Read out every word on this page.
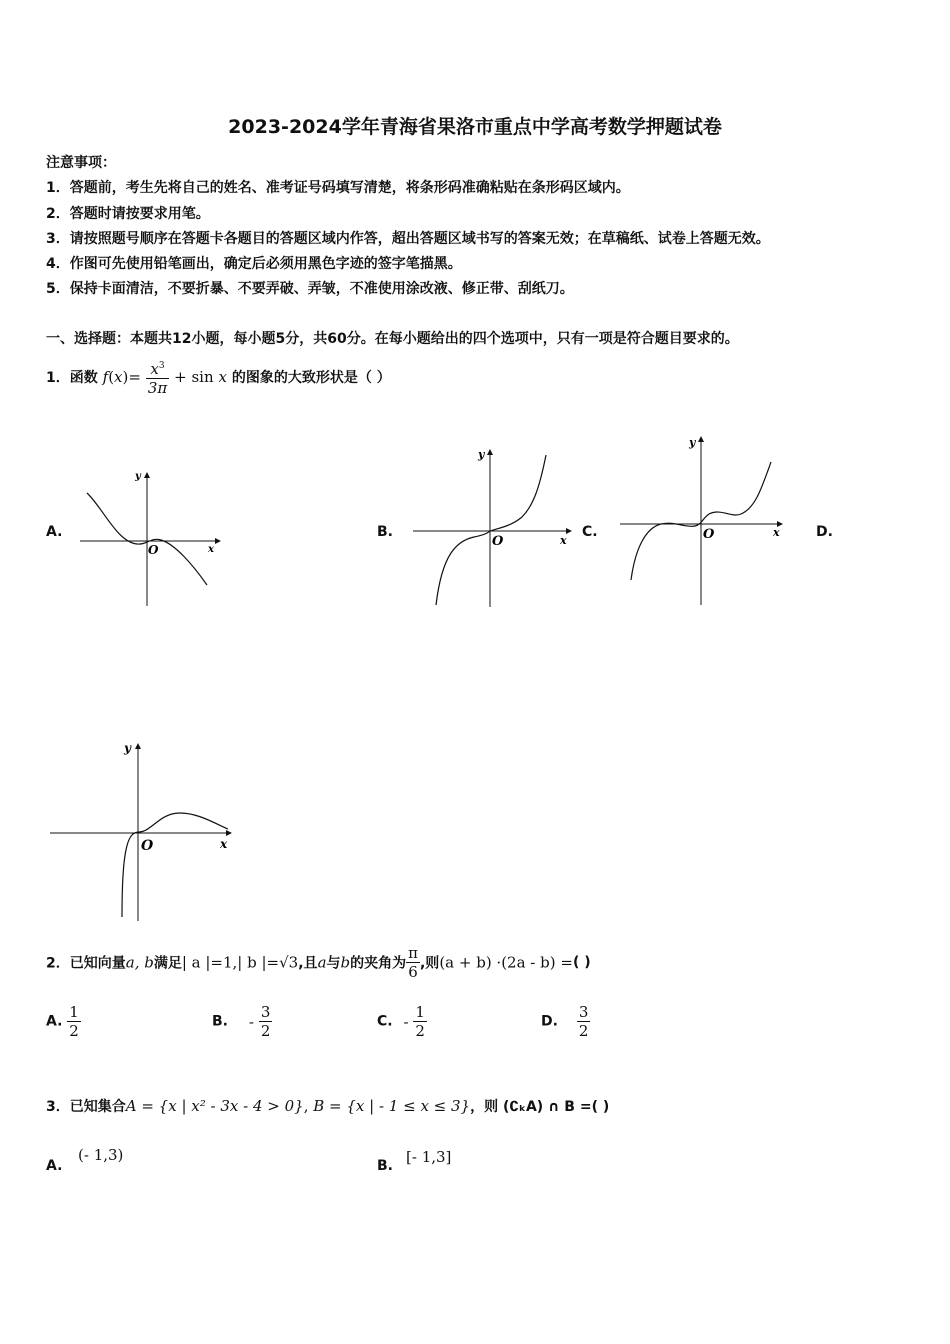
2023-2024学年青海省果洛市重点中学高考数学押题试卷
注意事项：
1．答题前，考生先将自己的姓名、准考证号码填写清楚，将条形码准确粘贴在条形码区域内。
2．答题时请按要求用笔。
3．请按照题号顺序在答题卡各题目的答题区域内作答，超出答题区域书写的答案无效；在草稿纸、试卷上答题无效。
4．作图可先使用铅笔画出，确定后必须用黑色字迹的签字笔描黑。
5．保持卡面清洁，不要折暴、不要弄破、弄皱，不准使用涂改液、修正带、刮纸刀。
一、选择题：本题共12小题，每小题5分，共60分。在每小题给出的四个选项中，只有一项是符合题目要求的。
1．函数 $f(x)= \frac{x^3}{3\pi} + \sin x$ 的图象的大致形状是（ ）
A.	B.	C.	D.
y
x
O
y
x
O
y
x
O
y
x
O
2．已知向量a, b满足| a |=1,| b |=√3,且a与b的夹角为 $\frac{\pi}{6}$ ,则(a + b) ·(2a - b) =( )
A. $\frac{1}{2}$	B. - $\frac{3}{2}$	C. - $\frac{1}{2}$	D. $\frac{3}{2}$
3．已知集合A = {x | x² - 3x - 4 > 0}, B = {x | - 1 ≤ x ≤ 3}，则 (∁ₖA) ∩ B =( )
A.
(- 1,3)
B. [- 1,3]
